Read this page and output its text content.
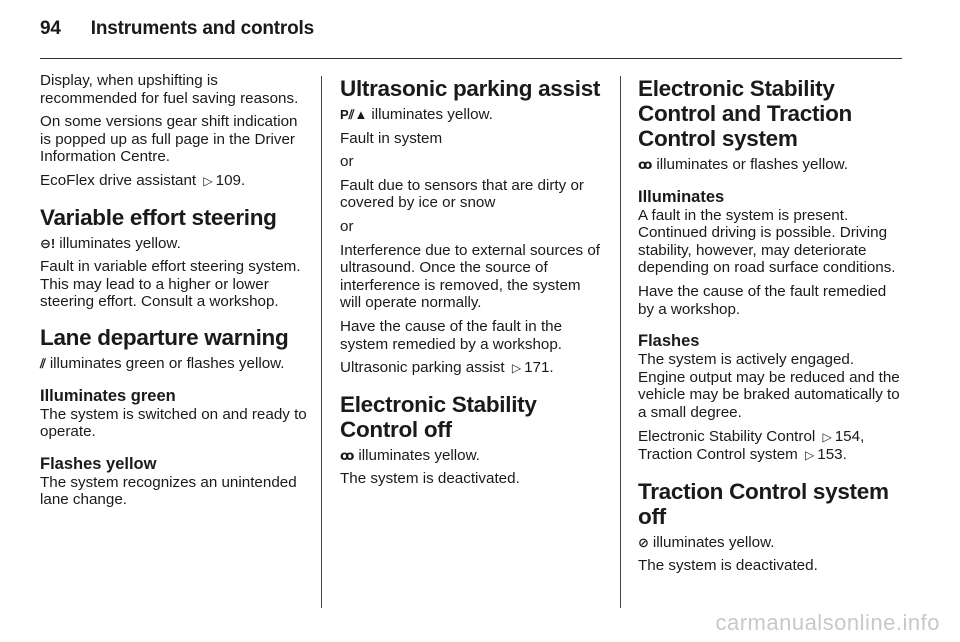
94 Instruments and controls

Display, when upshifting is recommended for fuel saving reasons.

On some versions gear shift indication is popped up as full page in the Driver Information Centre.

EcoFlex drive assistant ▷ 109.

Variable effort steering

⊖! illuminates yellow.

Fault in variable effort steering system. This may lead to a higher or lower steering effort. Consult a workshop.

Lane departure warning

⫽ illuminates green or flashes yellow.

Illuminates green

The system is switched on and ready to operate.

Flashes yellow

The system recognizes an unintended lane change.

Ultrasonic parking assist

P⫽▲ illuminates yellow.

Fault in system

or

Fault due to sensors that are dirty or covered by ice or snow

or

Interference due to external sources of ultrasound. Once the source of interference is removed, the system will operate normally.

Have the cause of the fault in the system remedied by a workshop.

Ultrasonic parking assist ▷ 171.

Electronic Stability Control off

ꝏ illuminates yellow.

The system is deactivated.

Electronic Stability Control and Traction Control system

ꝏ illuminates or flashes yellow.

Illuminates

A fault in the system is present. Continued driving is possible. Driving stability, however, may deteriorate depending on road surface conditions.

Have the cause of the fault remedied by a workshop.

Flashes

The system is actively engaged. Engine output may be reduced and the vehicle may be braked automatically to a small degree.

Electronic Stability Control ▷ 154,
Traction Control system ▷ 153.

Traction Control system off

⊘ illuminates yellow.

The system is deactivated.

carmanualsonline.info
